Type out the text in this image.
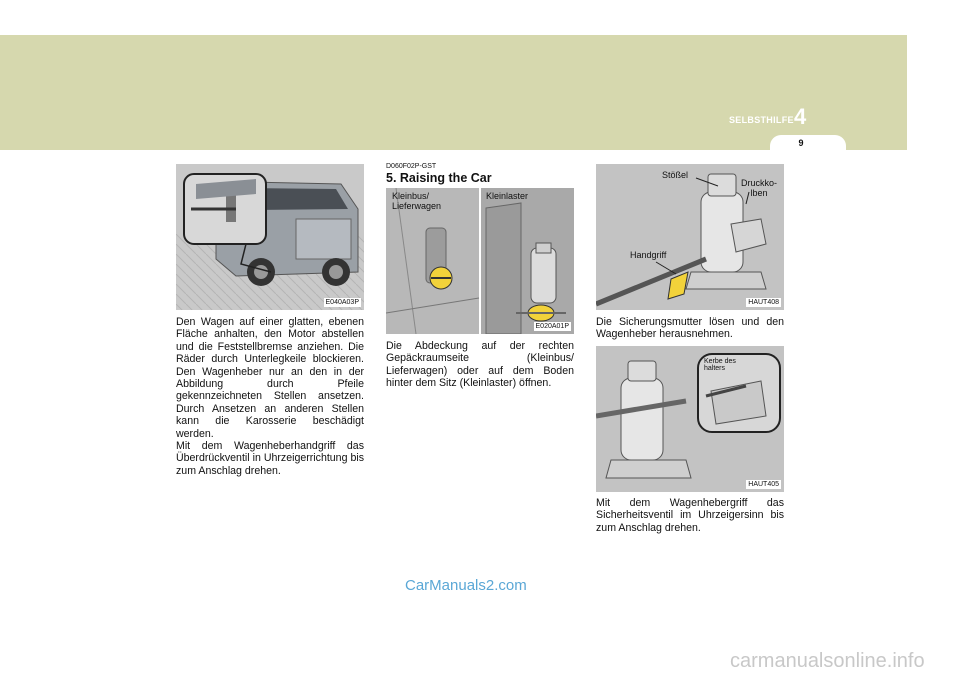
SELBSTHILFE 4
9
E040A03P

Den Wagen auf einer glatten, ebenen Fläche anhalten, den Motor abstellen und die Feststellbremse anziehen. Die Räder durch Unterlegkeile blockieren. Den Wagenheber nur an den in der Abbildung durch Pfeile gekennzeichneten Stellen ansetzen. Durch Ansetzen an anderen Stellen kann die Karosserie beschädigt werden.

Mit dem Wagenheberhandgriff das Überdrückventil in Uhrzeigerrichtung bis zum Anschlag drehen.

D060F02P-GST
5. Raising the Car
Kleinbus/
Lieferwagen
Kleinlaster
E020A01P
Die Abdeckung auf der rechten Gepäckraumseite (Kleinbus/ Lieferwagen) oder auf dem Boden hinter dem Sitz (Kleinlaster) öffnen.
Stößel
Druckko-
lben
Handgriff
HAUT408
Die Sicherungsmutter lösen und den Wagenheber herausnehmen.
Kerbe des
halters
HAUT405
Mit dem Wagenhebergriff das Sicherheitsventil im Uhrzeigersinn bis zum Anschlag drehen.
CarManuals2.com
carmanualsonline.info
